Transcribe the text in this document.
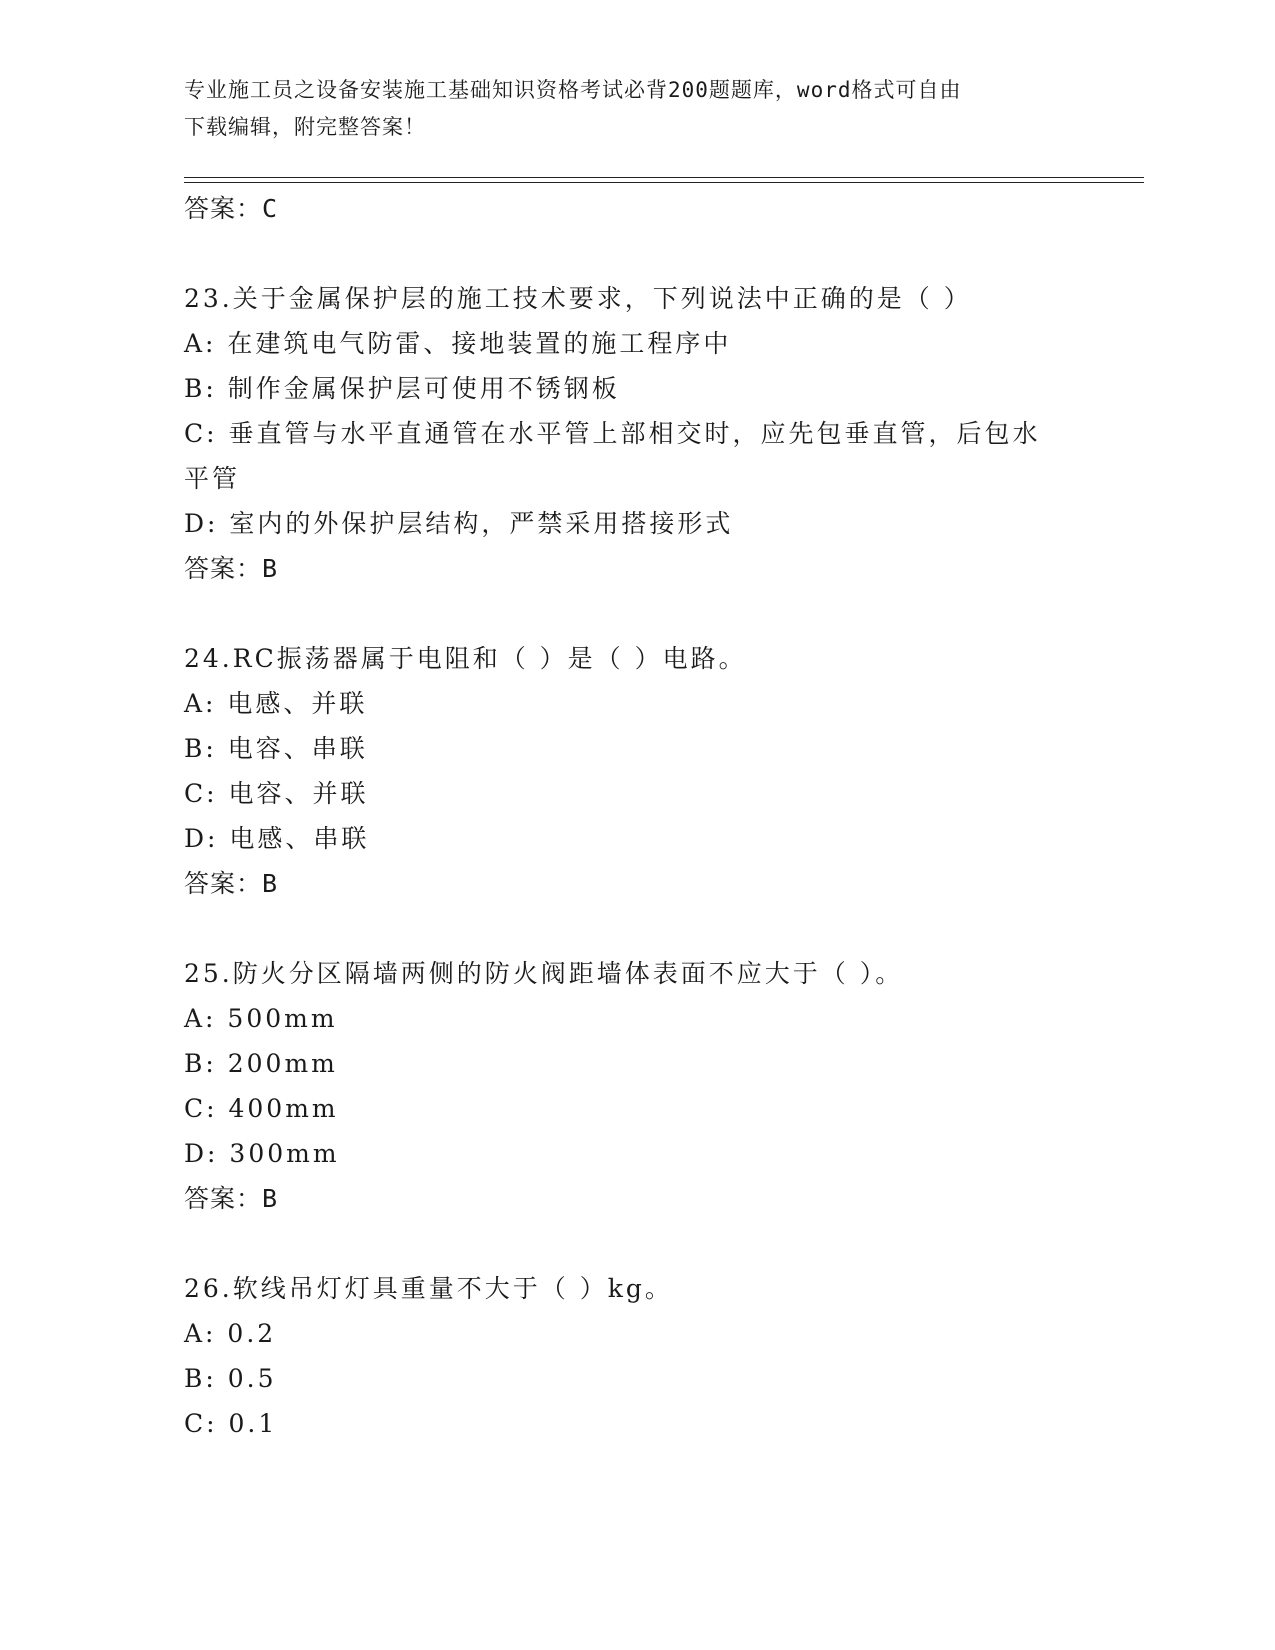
专业施工员之设备安装施工基础知识资格考试必背200题题库，word格式可自由
下载编辑，附完整答案！
答案：C
23.关于金属保护层的施工技术要求，下列说法中正确的是（ ）
A: 在建筑电气防雷、接地装置的施工程序中
B: 制作金属保护层可使用不锈钢板
C: 垂直管与水平直通管在水平管上部相交时，应先包垂直管，后包水平管
D: 室内的外保护层结构，严禁采用搭接形式
答案：B
24.RC振荡器属于电阻和（ ）是（ ）电路。
A: 电感、并联
B: 电容、串联
C: 电容、并联
D: 电感、串联
答案：B
25.防火分区隔墙两侧的防火阀距墙体表面不应大于（ ）。
A: 500mm
B: 200mm
C: 400mm
D: 300mm
答案：B
26.软线吊灯灯具重量不大于（ ）kg。
A: 0.2
B: 0.5
C: 0.1
